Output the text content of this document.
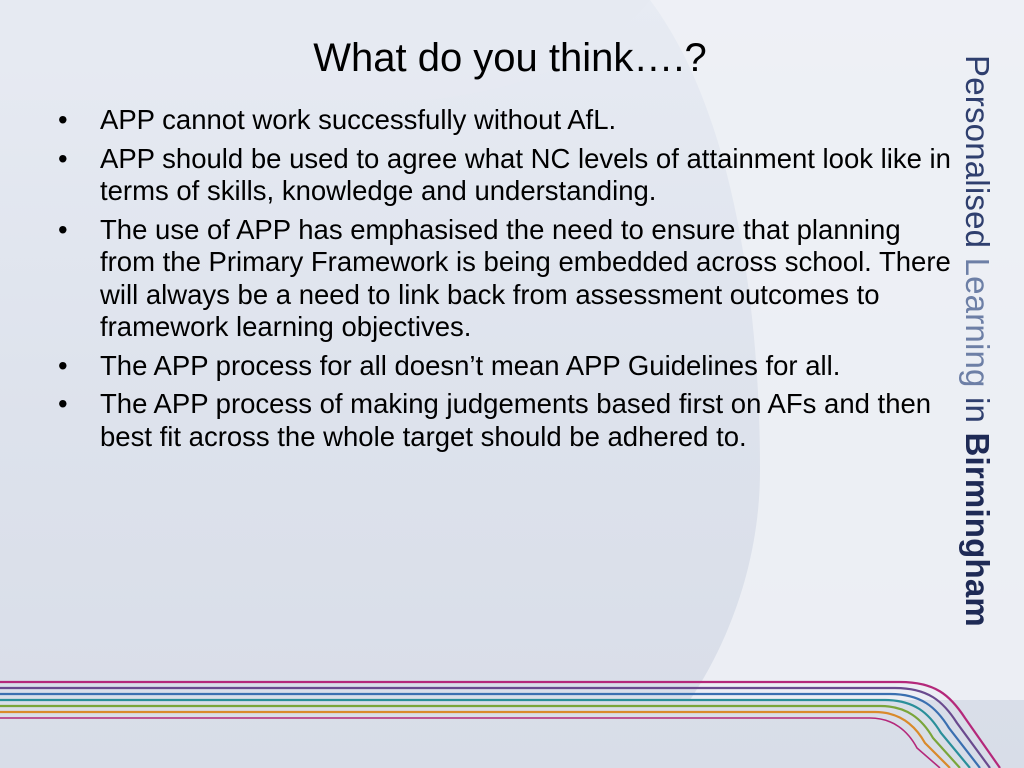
What do you think….?
• APP cannot work successfully without AfL.
• APP should be used to agree what NC levels of attainment look like in terms of skills, knowledge and understanding.
• The use of APP has emphasised the need to ensure that planning from the Primary Framework is being embedded across school. There will always be a need to link back from assessment outcomes to framework learning objectives.
• The APP process for all doesn’t mean APP Guidelines for all.
• The APP process of making judgements based first on AFs and then best fit across the whole target should be adhered to.
Personalised Learning in Birmingham
